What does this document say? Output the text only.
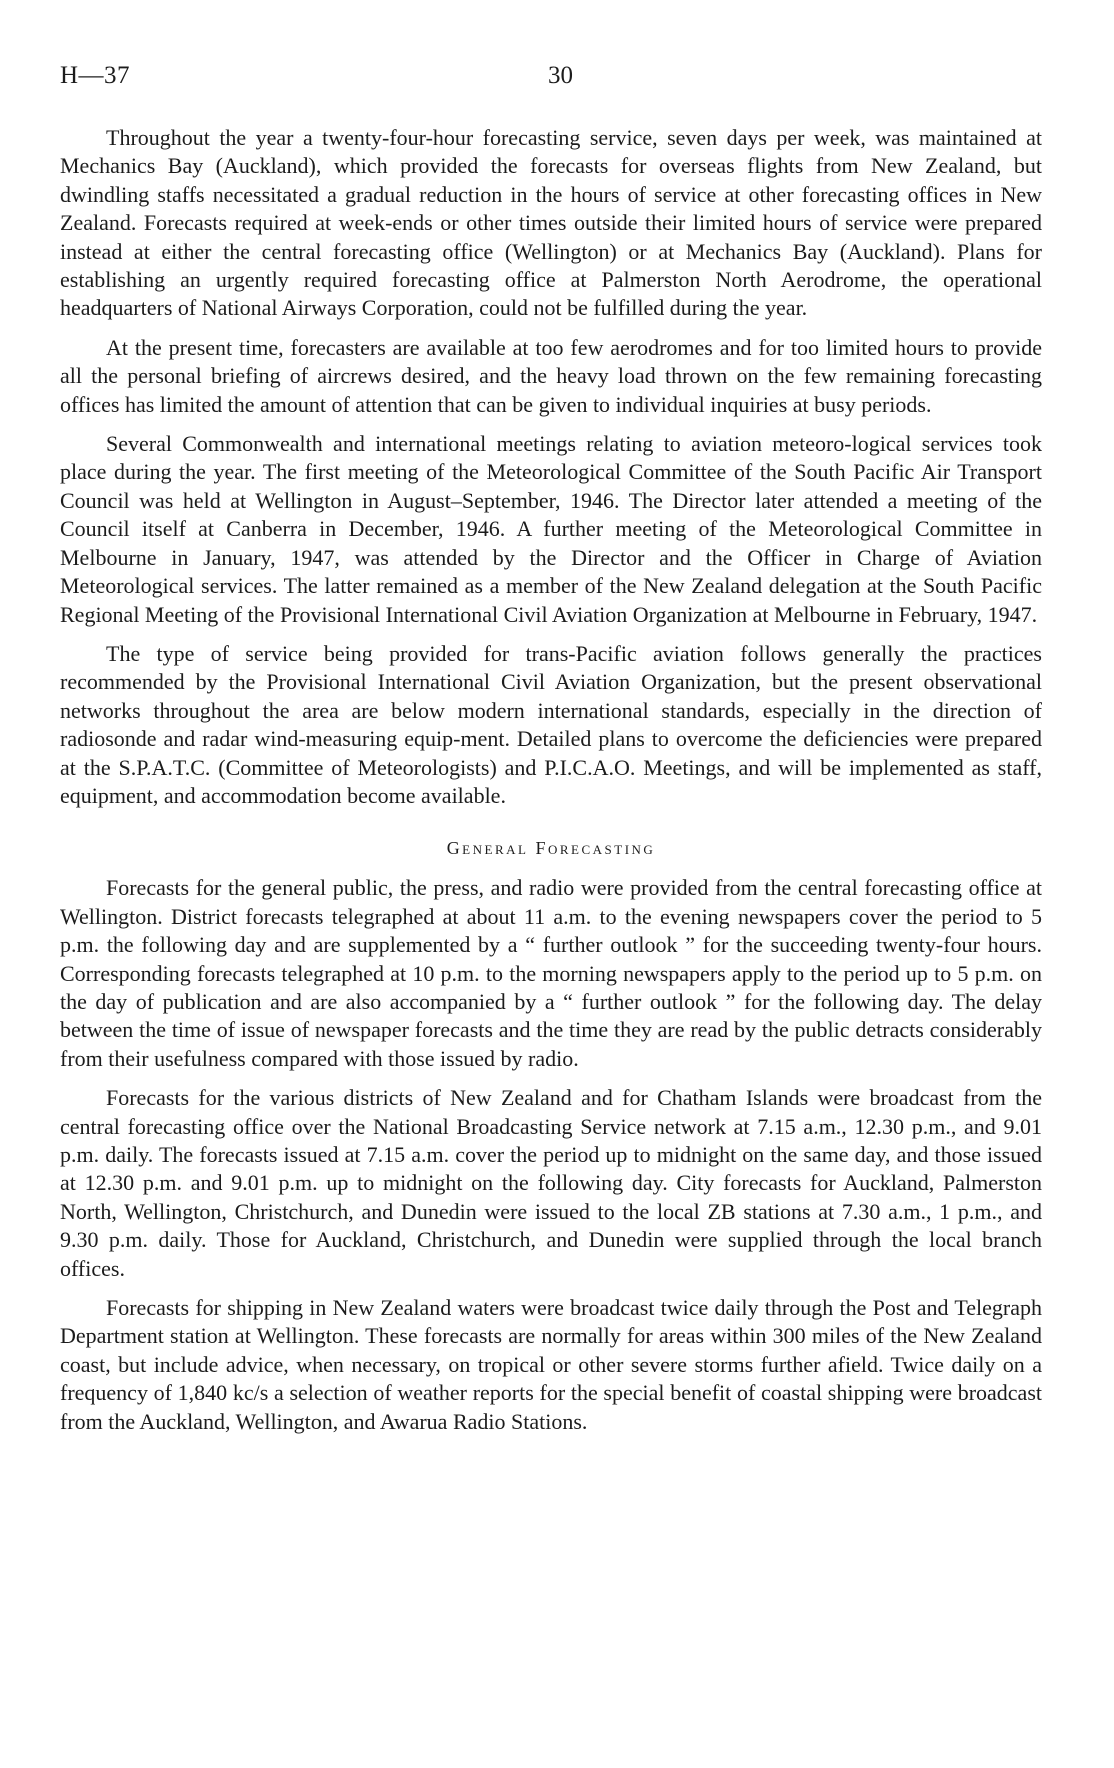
H—37	30

Throughout the year a twenty-four-hour forecasting service, seven days per week, was maintained at Mechanics Bay (Auckland), which provided the forecasts for overseas flights from New Zealand, but dwindling staffs necessitated a gradual reduction in the hours of service at other forecasting offices in New Zealand. Forecasts required at week-ends or other times outside their limited hours of service were prepared instead at either the central forecasting office (Wellington) or at Mechanics Bay (Auckland). Plans for establishing an urgently required forecasting office at Palmerston North Aerodrome, the operational headquarters of National Airways Corporation, could not be fulfilled during the year.

At the present time, forecasters are available at too few aerodromes and for too limited hours to provide all the personal briefing of aircrews desired, and the heavy load thrown on the few remaining forecasting offices has limited the amount of attention that can be given to individual inquiries at busy periods.

Several Commonwealth and international meetings relating to aviation meteoro-logical services took place during the year. The first meeting of the Meteorological Committee of the South Pacific Air Transport Council was held at Wellington in August–September, 1946. The Director later attended a meeting of the Council itself at Canberra in December, 1946. A further meeting of the Meteorological Committee in Melbourne in January, 1947, was attended by the Director and the Officer in Charge of Aviation Meteorological services. The latter remained as a member of the New Zealand delegation at the South Pacific Regional Meeting of the Provisional International Civil Aviation Organization at Melbourne in February, 1947.

The type of service being provided for trans-Pacific aviation follows generally the practices recommended by the Provisional International Civil Aviation Organization, but the present observational networks throughout the area are below modern international standards, especially in the direction of radiosonde and radar wind-measuring equip-ment. Detailed plans to overcome the deficiencies were prepared at the S.P.A.T.C. (Committee of Meteorologists) and P.I.C.A.O. Meetings, and will be implemented as staff, equipment, and accommodation become available.

General Forecasting

Forecasts for the general public, the press, and radio were provided from the central forecasting office at Wellington. District forecasts telegraphed at about 11 a.m. to the evening newspapers cover the period to 5 p.m. the following day and are supplemented by a “ further outlook ” for the succeeding twenty-four hours. Corresponding forecasts telegraphed at 10 p.m. to the morning newspapers apply to the period up to 5 p.m. on the day of publication and are also accompanied by a “ further outlook ” for the following day. The delay between the time of issue of newspaper forecasts and the time they are read by the public detracts considerably from their usefulness compared with those issued by radio.

Forecasts for the various districts of New Zealand and for Chatham Islands were broadcast from the central forecasting office over the National Broadcasting Service network at 7.15 a.m., 12.30 p.m., and 9.01 p.m. daily. The forecasts issued at 7.15 a.m. cover the period up to midnight on the same day, and those issued at 12.30 p.m. and 9.01 p.m. up to midnight on the following day. City forecasts for Auckland, Palmerston North, Wellington, Christchurch, and Dunedin were issued to the local ZB stations at 7.30 a.m., 1 p.m., and 9.30 p.m. daily. Those for Auckland, Christchurch, and Dunedin were supplied through the local branch offices.

Forecasts for shipping in New Zealand waters were broadcast twice daily through the Post and Telegraph Department station at Wellington. These forecasts are normally for areas within 300 miles of the New Zealand coast, but include advice, when necessary, on tropical or other severe storms further afield. Twice daily on a frequency of 1,840 kc/s a selection of weather reports for the special benefit of coastal shipping were broadcast from the Auckland, Wellington, and Awarua Radio Stations.
